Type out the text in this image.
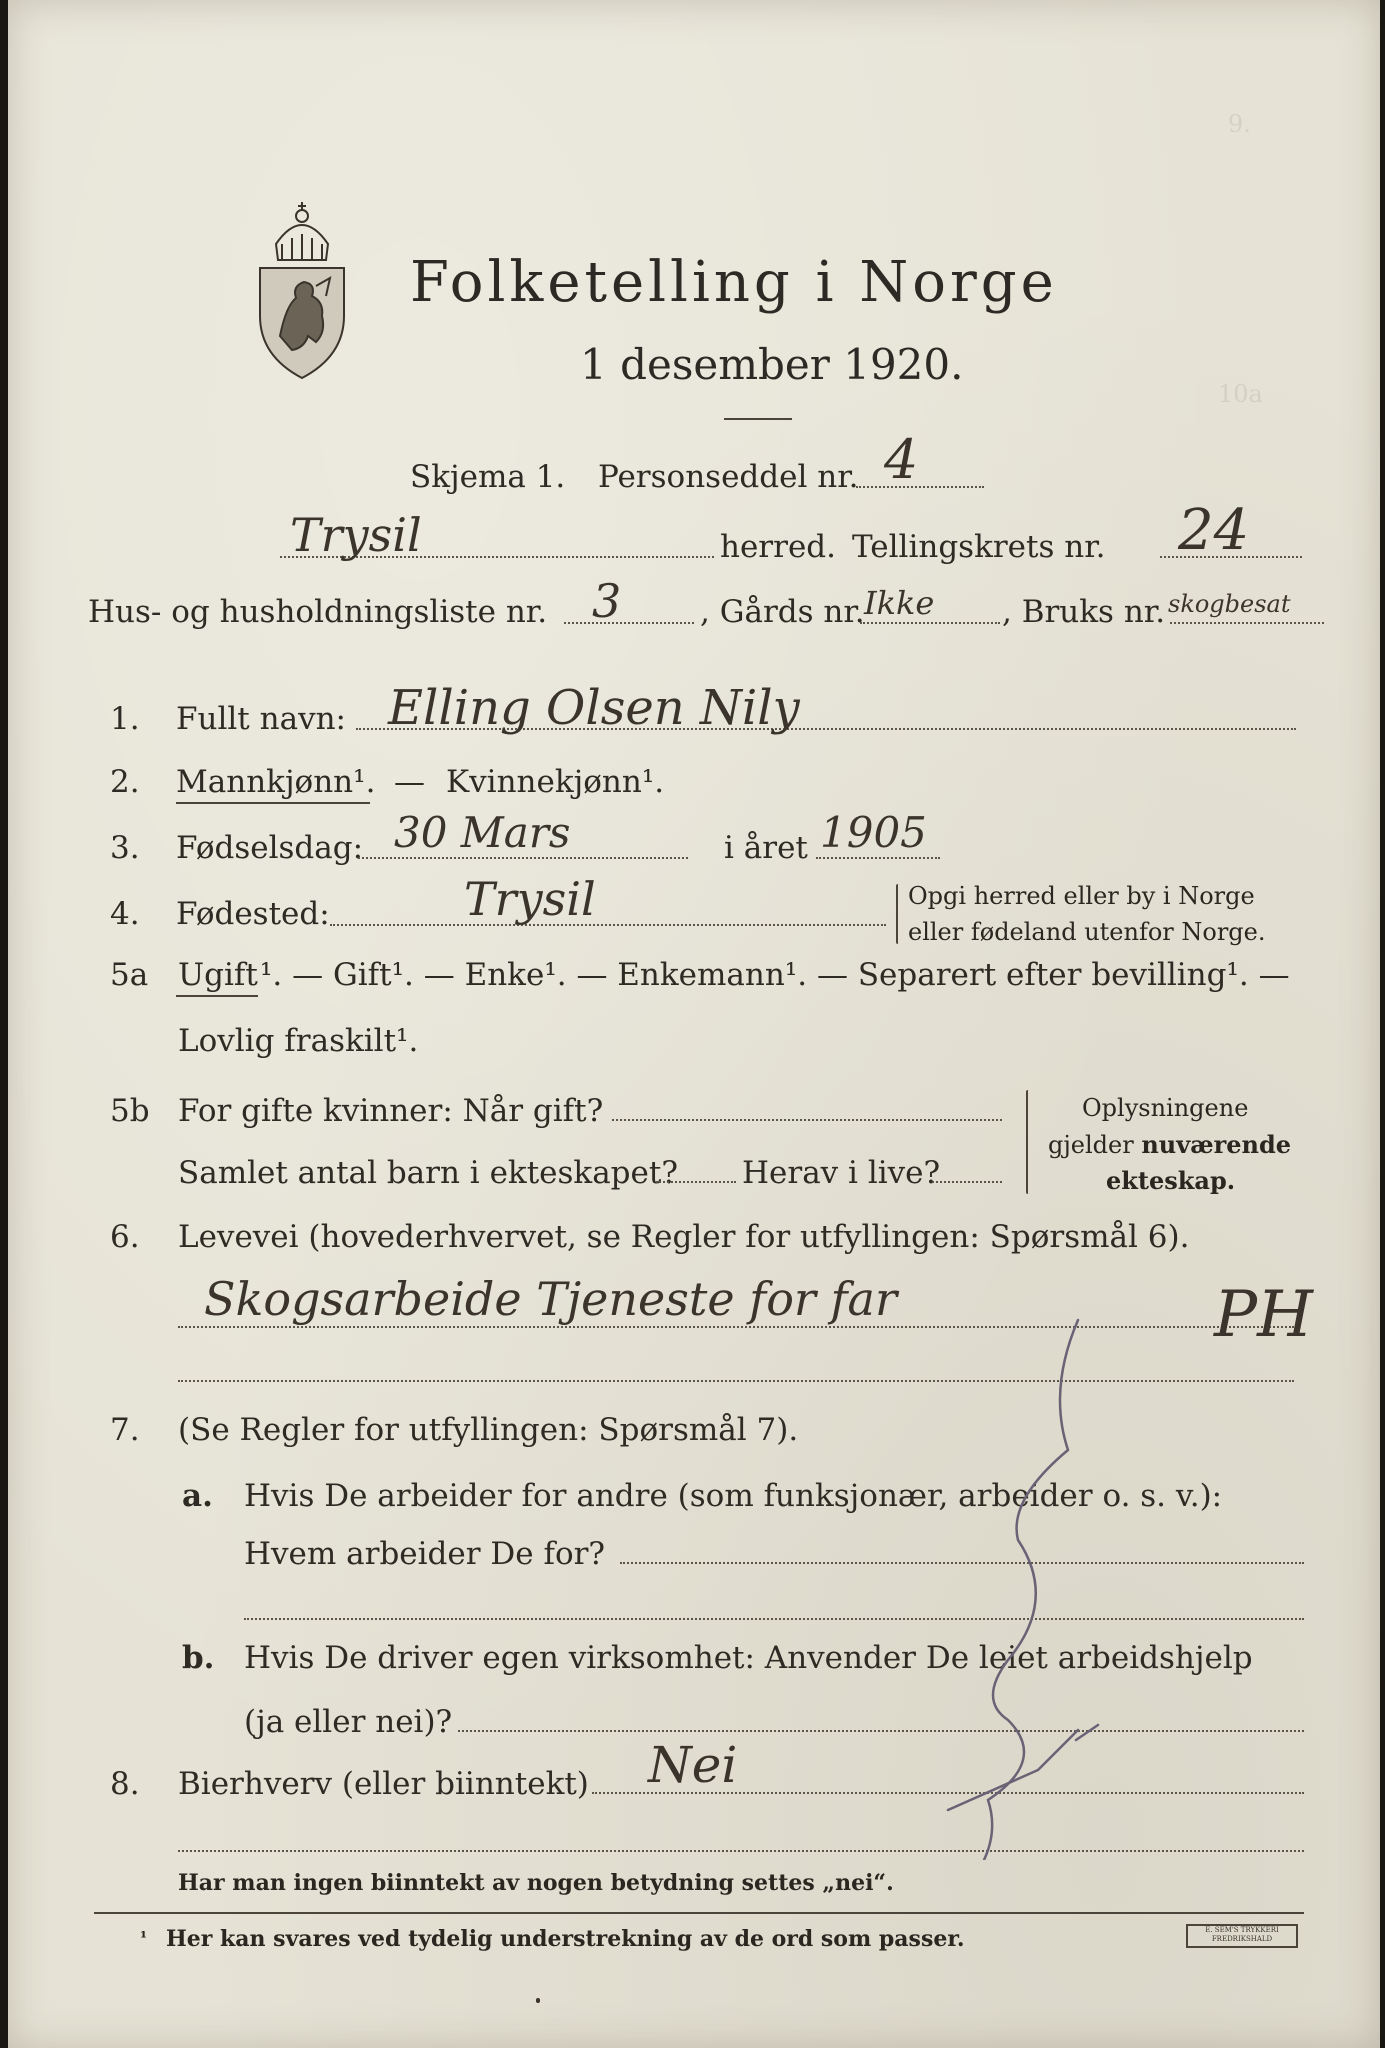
9.
10a
Folketelling i Norge
1 desember 1920.
Skjema 1. Personseddel nr. 4
Trysil	herred. Tellingskrets nr. 24
Hus- og husholdningsliste nr. 3	, Gårds nr. Ikke , Bruks nr. skogbesat
1. Fullt navn: Elling Olsen Nily
2. Mannkjønn¹. — Kvinnekjønn¹.
3. Fødselsdag: 30 Mars	i året 1905
4. Fødested:	Trysil	Opgi herred eller by i Norge
eller fødeland utenfor Norge.
5a Ugift ¹. — Gift¹. — Enke¹. — Enkemann¹. — Separert efter bevilling¹. —
Lovlig fraskilt¹.
5b For gifte kvinner: Når gift?
Samlet antal barn i ekteskapet? Herav i live?
Oplysningene
gjelder nuværende
ekteskap.
6. Levevei (hovederhvervet, se Regler for utfyllingen: Spørsmål 6).
Skogsarbeide Tjeneste for far	PH
7. (Se Regler for utfyllingen: Spørsmål 7).
a. Hvis De arbeider for andre (som funksjonær, arbeider o. s. v.):
Hvem arbeider De for?
b. Hvis De driver egen virksomhet: Anvender De leiet arbeidshjelp
(ja eller nei)?
8. Bierhverv (eller biinntekt) Nei
Har man ingen biinntekt av nogen betydning settes „nei“.
¹ Her kan svares ved tydelig understrekning av de ord som passer.	E. SEM'S TRYKKERI FREDRIKSHALD
